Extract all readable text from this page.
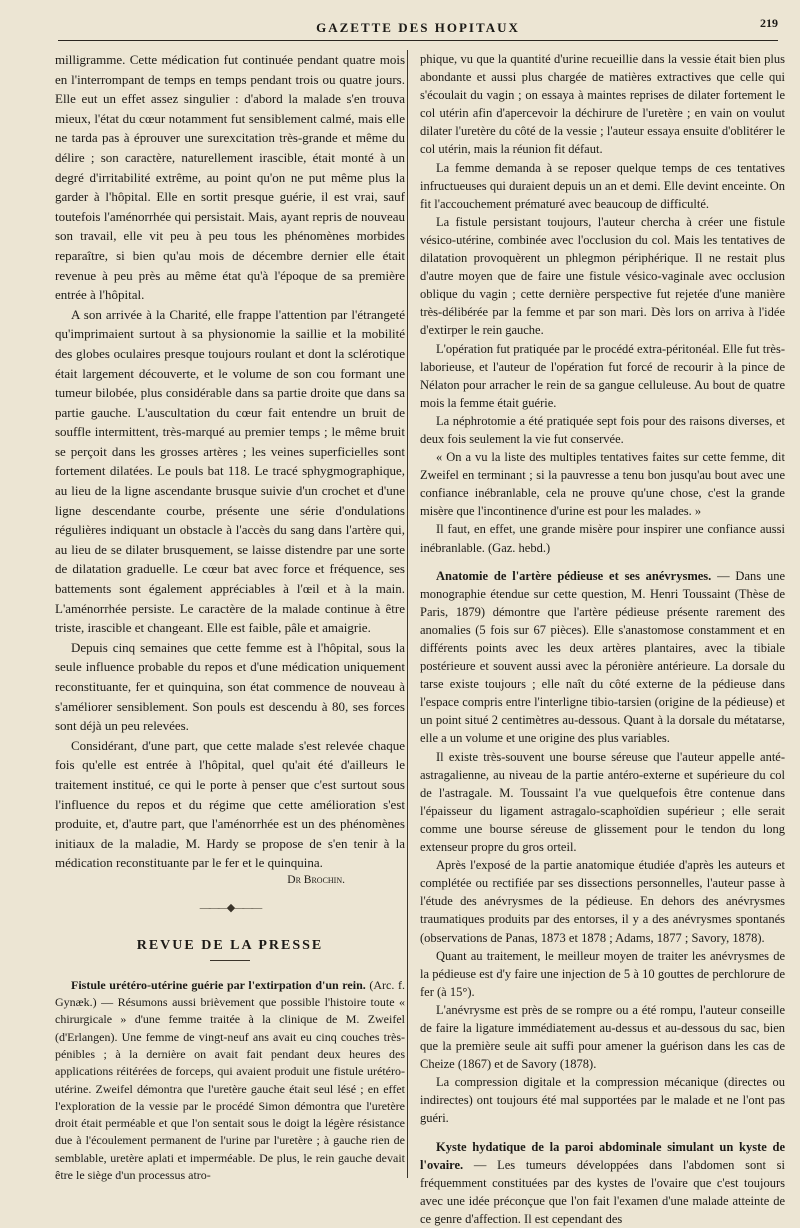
GAZETTE DES HOPITAUX	219

milligramme. Cette médication fut continuée pendant quatre mois en l'interrompant de temps en temps pendant trois ou quatre jours. Elle eut un effet assez singulier : d'abord la malade s'en trouva mieux, l'état du cœur notamment fut sensiblement calmé, mais elle ne tarda pas à éprouver une surexcitation très-grande et même du délire ; son caractère, naturellement irascible, était monté à un degré d'irritabilité extrême, au point qu'on ne put même plus la garder à l'hôpital. Elle en sortit presque guérie, il est vrai, sauf toutefois l'aménorrhée qui persistait. Mais, ayant repris de nouveau son travail, elle vit peu à peu tous les phénomènes morbides reparaître, si bien qu'au mois de décembre dernier elle était revenue à peu près au même état qu'à l'époque de sa première entrée à l'hôpital.

A son arrivée à la Charité, elle frappe l'attention par l'étrangeté qu'imprimaient surtout à sa physionomie la saillie et la mobilité des globes oculaires presque toujours roulant et dont la sclérotique était largement découverte, et le volume de son cou formant une tumeur bilobée, plus considérable dans sa partie droite que dans sa partie gauche. L'auscultation du cœur fait entendre un bruit de souffle intermittent, très-marqué au premier temps ; le même bruit se perçoit dans les grosses artères ; les veines superficielles sont fortement dilatées. Le pouls bat 118. Le tracé sphygmographique, au lieu de la ligne ascendante brusque suivie d'un crochet et d'une ligne descendante courbe, présente une série d'ondulations régulières indiquant un obstacle à l'accès du sang dans l'artère qui, au lieu de se dilater brusquement, se laisse distendre par une sorte de dilatation graduelle. Le cœur bat avec force et fréquence, ses battements sont également appréciables à l'œil et à la main. L'aménorrhée persiste. Le caractère de la malade continue à être triste, irascible et changeant. Elle est faible, pâle et amaigrie.

Depuis cinq semaines que cette femme est à l'hôpital, sous la seule influence probable du repos et d'une médication uniquement reconstituante, fer et quinquina, son état commence de nouveau à s'améliorer sensiblement. Son pouls est descendu à 80, ses forces sont déjà un peu relevées.

Considérant, d'une part, que cette malade s'est relevée chaque fois qu'elle est entrée à l'hôpital, quel qu'ait été d'ailleurs le traitement institué, ce qui le porte à penser que c'est surtout sous l'influence du repos et du régime que cette amélioration s'est produite, et, d'autre part, que l'aménorrhée est un des phénomènes initiaux de la maladie, M. Hardy se propose de s'en tenir à la médication reconstituante par le fer et le quinquina.

Dr Brochin.
———◆———
REVUE DE LA PRESSE

Fistule urétéro-utérine guérie par l'extirpation d'un rein. (Arc. f. Gynæk.) — Résumons aussi brièvement que possible l'histoire toute « chirurgicale » d'une femme traitée à la clinique de M. Zweifel (d'Erlangen). Une femme de vingt-neuf ans avait eu cinq couches très-pénibles ; à la dernière on avait fait pendant deux heures des applications réitérées de forceps, qui avaient produit une fistule urétéro-utérine. Zweifel démontra que l'uretère gauche était seul lésé ; en effet l'exploration de la vessie par le procédé Simon démontra que l'uretère droit était perméable et que l'on sentait sous le doigt la légère résistance due à l'écoulement permanent de l'urine par l'uretère ; à gauche rien de semblable, uretère aplati et imperméable. De plus, le rein gauche devait être le siège d'un processus atro-

phique, vu que la quantité d'urine recueillie dans la vessie était bien plus abondante et aussi plus chargée de matières extractives que celle qui s'écoulait du vagin ; on essaya à maintes reprises de dilater fortement le col utérin afin d'apercevoir la déchirure de l'uretère ; en vain on voulut dilater l'uretère du côté de la vessie ; l'auteur essaya ensuite d'oblitérer le col utérin, mais la réunion fit défaut.

La femme demanda à se reposer quelque temps de ces tentatives infructueuses qui duraient depuis un an et demi. Elle devint enceinte. On fit l'accouchement prématuré avec beaucoup de difficulté.

La fistule persistant toujours, l'auteur chercha à créer une fistule vésico-utérine, combinée avec l'occlusion du col. Mais les tentatives de dilatation provoquèrent un phlegmon périphérique. Il ne restait plus d'autre moyen que de faire une fistule vésico-vaginale avec occlusion oblique du vagin ; cette dernière perspective fut rejetée d'une manière très-délibérée par la femme et par son mari. Dès lors on arriva à l'idée d'extirper le rein gauche.

L'opération fut pratiquée par le procédé extra-péritonéal. Elle fut très-laborieuse, et l'auteur de l'opération fut forcé de recourir à la pince de Nélaton pour arracher le rein de sa gangue celluleuse. Au bout de quatre mois la femme était guérie.

La néphrotomie a été pratiquée sept fois pour des raisons diverses, et deux fois seulement la vie fut conservée.

« On a vu la liste des multiples tentatives faites sur cette femme, dit Zweifel en terminant ; si la pauvresse a tenu bon jusqu'au bout avec une confiance inébranlable, cela ne prouve qu'une chose, c'est la grande misère que l'incontinence d'urine est pour les malades. »

Il faut, en effet, une grande misère pour inspirer une confiance aussi inébranlable. (Gaz. hebd.)

Anatomie de l'artère pédieuse et ses anévrysmes. — Dans une monographie étendue sur cette question, M. Henri Toussaint (Thèse de Paris, 1879) démontre que l'artère pédieuse présente rarement des anomalies (5 fois sur 67 pièces). Elle s'anastomose constamment et en différents points avec les deux artères plantaires, avec la tibiale postérieure et souvent aussi avec la péronière antérieure. La dorsale du tarse existe toujours ; elle naît du côté externe de la pédieuse dans l'espace compris entre l'interligne tibio-tarsien (origine de la pédieuse) et un point situé 2 centimètres au-dessous. Quant à la dorsale du métatarse, elle a un volume et une origine des plus variables.

Il existe très-souvent une bourse séreuse que l'auteur appelle anté-astragalienne, au niveau de la partie antéro-externe et supérieure du col de l'astragale. M. Toussaint l'a vue quelquefois être contenue dans l'épaisseur du ligament astragalo-scaphoïdien supérieur ; elle serait comme une bourse séreuse de glissement pour le tendon du long extenseur propre du gros orteil.

Après l'exposé de la partie anatomique étudiée d'après les auteurs et complétée ou rectifiée par ses dissections personnelles, l'auteur passe à l'étude des anévrysmes de la pédieuse. En dehors des anévrysmes traumatiques produits par des entorses, il y a des anévrysmes spontanés (observations de Panas, 1873 et 1878 ; Adams, 1877 ; Savory, 1878).

Quant au traitement, le meilleur moyen de traiter les anévrysmes de la pédieuse est d'y faire une injection de 5 à 10 gouttes de perchlorure de fer (à 15°).

L'anévrysme est près de se rompre ou a été rompu, l'auteur conseille de faire la ligature immédiatement au-dessus et au-dessous du sac, bien que la première seule ait suffi pour amener la guérison dans les cas de Cheize (1867) et de Savory (1878).

La compression digitale et la compression mécanique (directes ou indirectes) ont toujours été mal supportées par le malade et ne l'ont pas guéri.

Kyste hydatique de la paroi abdominale simulant un kyste de l'ovaire. — Les tumeurs développées dans l'abdomen sont si fréquemment constituées par des kystes de l'ovaire que c'est toujours avec une idée préconçue que l'on fait l'examen d'une malade atteinte de ce genre d'affection. Il est cependant des
